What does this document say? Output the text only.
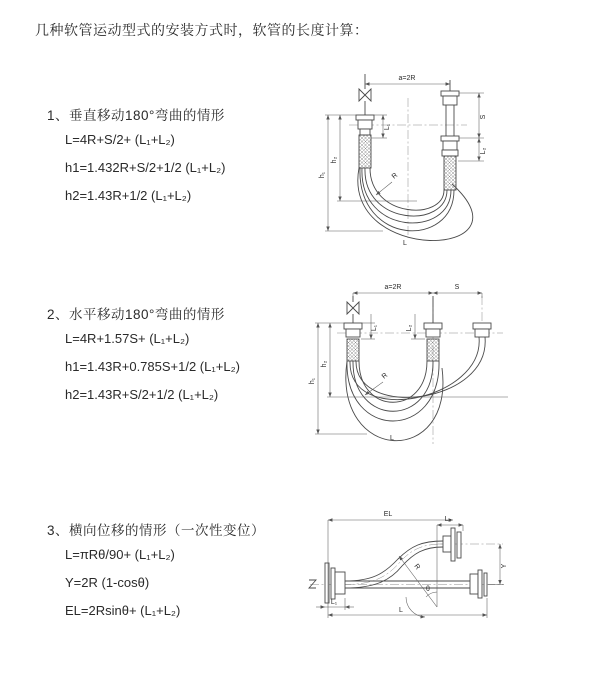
几种软管运动型式的安装方式时，软管的长度计算：
1、垂直移动180°弯曲的情形
L=4R+S/2+ (L₁+L₂)
h1=1.432R+S/2+1/2 (L₁+L₂)
h2=1.43R+1/2 (L₁+L₂)
2、水平移动180°弯曲的情形
L=4R+1.57S+ (L₁+L₂)
h1=1.43R+0.785S+1/2 (L₁+L₂)
h2=1.43R+S/2+1/2 (L₁+L₂)
3、横向位移的情形（一次性变位）
L=πRθ/90+ (L₁+L₂)
Y=2R (1-cosθ)
EL=2Rsinθ+ (L₁+L₂)
a=2R
L₁
S
L₂
h₁
h₂
R
L
a=2R	S
L₁	L₂
h₁
h₂
R
L
EL
L₂
R
θ
Y
L
L₁
